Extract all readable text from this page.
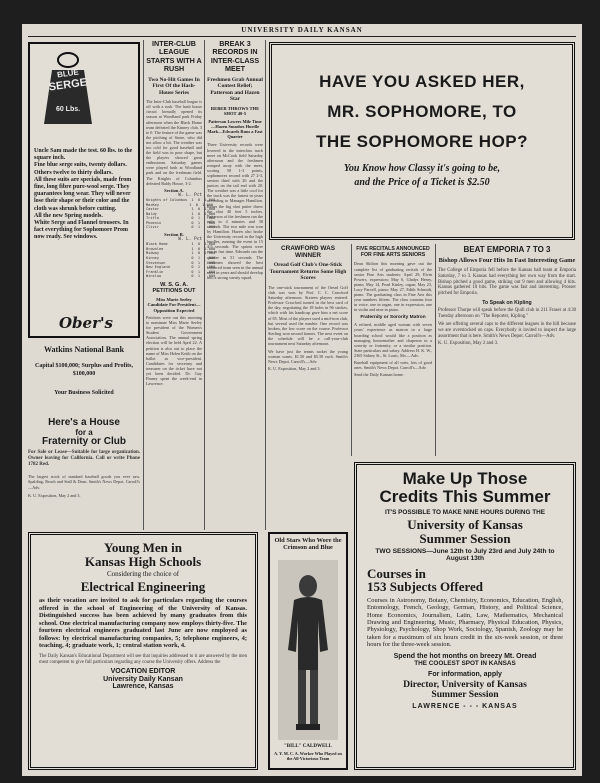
UNIVERSITY DAILY KANSAN
BLUE
SERGE
60 Lbs.
Uncle Sam made the test. 60 lbs. to the square inch.
Fine blue serge suits, twenty dollars. Others twelve to thirty dollars.
All these suits are specials, made from fine, long fibre pure-wool serge. They guarantees long wear. They will never lose their shape or their color and the cloth was shrunk before cutting.
All the new Spring models.
White Serge and Flannel trousers. In fact everything for Sophomore Prom now ready. See windows.
Ober's
Watkins National Bank
Capital $100,000; Surplus and Profits, $100,000
Your Business Solicited
Here's a House
for a
Fraternity or Club
For Sale or Lease—Suitable for large organization. Owner leaving for California. Call or write Phone 1782 Red.
The largest stock of standard baseball goods you ever saw. Spalding, Reach and Stall & Dean. Smith's News Depot. Carroll's—Adv.
K. U. Exposition, May 2 and 3.
Young Men in
Kansas High Schools
Considering the choice of
Electrical Engineering
as their vocation are invited to ask for particulars regarding the courses offered in the school of Engineering of the University of Kansas. Distinguished success has been achieved by many graduates from this school. One electrical manufacturing company now employs thirty-five. The fourteen electrical engineers graduated last June are now employed as follows: by electrical manufacturing companies, 5; telephone engineers, 4; teaching, 4; graduate work, 1; central station work, 4.
The Daily Kansan's Educational Department will see that inquiries addressed to it are answered by the men most competent to give full particulars regarding any course the University offers. Address the
VOCATION EDITOR
University Daily Kansan
Lawrence, Kansas
INTER-CLUB LEAGUE STARTS WITH A RUSH
Two No-Hit Games In First Of the Hash-House Series
The Inter-Club baseball league is off with a rush. The hash house circuit formally opened its season at Woodland park Friday afternoon when the Black Home team defeated the Kinney club, 3 to 0. The feature of the game was the pitching of Stone, who did not allow a hit. The weather was too cold for good baseball and the field was in poor shape, but the players showed great enthusiasm. Saturday games were played both at Woodland park and on the freshman field. The Knights of Columbus defeated Baldy House, 3-2.
Section A.
W. L. Pct
Knights of Columbus  1  0  1.000
MacKey              1  0  1.000
Castor               1  0  1.000
Baldy                1  0  1.000
Triflo               0  1   .000
Phoenix              0  1   .000
Clivir               0  1   .000
Section B.
W. L. Pct
Black Home           1  0  1.000
Brownlee             1  0  1.000
Midway               1  0  1.000
Kinney               0  1   .000
Stevenson            0  1   .000
New England          0  1   .000
Franklin             0  1   .000
Winslow              0  1   .000
W. S. G. A. PETITIONS OUT
Miss Marie Seeley Candidate For President—Opposition Expected
Petitions were out this morning to nominate Miss Marie Seeley for president of the Women's Student Government Association. The annual spring election will be held April 22. A petition is also out to place the name of Miss Helen Keith on the ballot as vice-president. Candidates for secretary and treasurer on the ticket have not yet been decided. Dr. Guy Finney spent the week-end in Lawrence.
BREAK 3 RECORDS IN INTER-CLASS MEET
Freshmen Grab Annual Contest Relief; Patterson and Hazen Star
REBER THROWS THE SHOT 40-5
Patterson Lowers Mile Time—Hazen Smashes Hurdle Mark—Edwards Runs a Fast Quarter
Three University records were lowered in the interclass track meet on McCook field Saturday afternoon and the freshmen romped away with the meet, scoring 58 1-3 points, sophomores second with 27 2-3, seniors third with 26 and the juniors on the tail end with 20. The weather was a little cool for the track was the fastest in years according to Manager Hamilton. Reber the big shot putter threw the shot 40 feet 5 inches. Patterson of the freshmen ran the mile in 4 minutes and 38 seconds. The two mile was won by Hamilton. Hazen also broke the University record in the high hurdles, running the event in 15 4-5 seconds. The sprints were run in fast time. Edwards ran the quarter in 51 seconds. The freshmen showed the best balanced team seen in the annual meet in years and should develop into a strong varsity squad.
HAVE YOU ASKED HER,
MR. SOPHOMORE, TO
THE SOPHOMORE HOP?
You Know how Classy it's going to be,
and the Price of a Ticket is $2.50
CRAWFORD WAS WINNER
Oread Golf Club's One-Stick Tournament Returns Some High Scores
The one-stick tournament of the Oread Golf club was won by Prof. C. C. Crawford Saturday afternoon. Sixteen players entered. Professor Crawford turned in the best card of the day, negotiating the 18 holes in 96 strokes, which with his handicap gave him a net score of 85. Most of the players used a mid-iron club, but several used the mashie. One record was broken, the low score on the course. Professor Sterling won second honors. The next event on the schedule will be a call-your-club tournament next Saturday afternoon.
We have just the tennis racket the young woman wants. $1.50 and $5.50 each. Smith's News Depot. Carroll's—Adv.
K. U. Exposition, May 2 and 3.
Old Stars Who Wore the Crimson and Blue
"BILL" CALDWELL
A. Y. M. C. A. Worker Who Played on the All-Victorious Team
FIVE RECITALS ANNOUNCED FOR FINE ARTS SENIORS
Dean Skilton this morning gave out the complete list of graduating recitals of the senior Fine Arts students: April 29, Elvin Powers, expression; May 6, Gladys Henry, piano; May 14, Pearl Kinley, organ; May 23, Lucy Parcell, piano; May 27, Edith Schmidt, piano. The graduating class in Fine Arts this year numbers fifteen. The class contains four in voice, one in organ, one in expression, one in violin and nine in piano.
Fraternity or Sorority Matron
A refined, middle aged woman with seven years' experience as matron in a large boarding school would like a position as managing housemother and chaperon in a sorority or fraternity, or a similar position. State particulars and salary. Address H. K. W., 2365 Sidney St., St. Louis, Mo.—Adv.
Baseball equipment of all sorts, lots of good ones. Smith's News Depot. Carroll's—Adv.
Send the Daily Kansan home.
BEAT EMPORIA 7 TO 3
Bishop Allows Four Hits In Fast Interesting Game
The College of Emporia fell before the Kansas ball team at Emporia Saturday, 7 to 3. Kansas had everything her own way from the start. Bishop pitched a good game, striking out 9 men and allowing 4 hits. Kansas gathered 10 hits. The game was fast and interesting. Prosser pitched for Emporia.
To Speak on Kipling
Professor Thorpe will speak before the Quill club in 211 Fraser at 4:30 Tuesday afternoon on "The Reporter, Kipling."
We are offering several caps to the different leagues in the hill because we are overstocked on caps. Everybody is invited to inspect the large assortment that is here. Smith's News Depot. Carroll's—Adv.
K. U. Exposition, May 2 and 3.
Make Up Those
Credits This Summer
IT'S POSSIBLE TO MAKE NINE HOURS DURING THE
University of Kansas
Summer Session
TWO SESSIONS—June 12th to July 23rd and July 24th to August 13th
Courses in
153 Subjects Offered
Courses in Astronomy, Botany, Chemistry, Economics, Education, English, Entomology, French, Geology, German, History, and Political Science, Home Economics, Journalism, Latin, Law, Mathematics, Mechanical Drawing and Engineering, Music, Pharmacy, Physical Education, Physics, Physiology, Psychology, Shop Work, Sociology, Spanish, Zoology may be taken for a maximum of six hours credit in the six-week session, or three hours for the three-week session.
Spend the hot months on breezy Mt. Oread
THE COOLEST SPOT IN KANSAS
For information, apply
Director, University of Kansas
Summer Session
LAWRENCE - - - KANSAS
